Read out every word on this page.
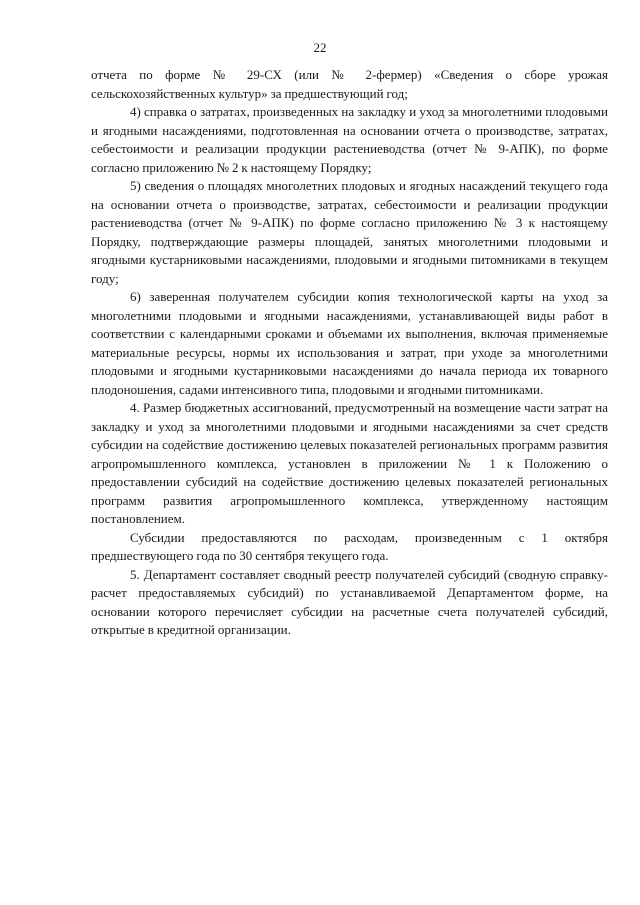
22

отчета по форме № 29-СХ (или № 2-фермер) «Сведения о сборе урожая сельскохозяйственных культур» за предшествующий год;

4) справка о затратах, произведенных на закладку и уход за многолетними плодовыми и ягодными насаждениями, подготовленная на основании отчета о производстве, затратах, себестоимости и реализации продукции растениеводства (отчет № 9-АПК), по форме согласно приложению № 2 к настоящему Порядку;

5) сведения о площадях многолетних плодовых и ягодных насаждений текущего года на основании отчета о производстве, затратах, себестоимости и реализации продукции растениеводства (отчет № 9-АПК) по форме согласно приложению № 3 к настоящему Порядку, подтверждающие размеры площадей, занятых многолетними плодовыми и ягодными кустарниковыми насаждениями, плодовыми и ягодными питомниками в текущем году;

6) заверенная получателем субсидии копия технологической карты на уход за многолетними плодовыми и ягодными насаждениями, устанавливающей виды работ в соответствии с календарными сроками и объемами их выполнения, включая применяемые материальные ресурсы, нормы их использования и затрат, при уходе за многолетними плодовыми и ягодными кустарниковыми насаждениями до начала периода их товарного плодоношения, садами интенсивного типа, плодовыми и ягодными питомниками.

4. Размер бюджетных ассигнований, предусмотренный на возмещение части затрат на закладку и уход за многолетними плодовыми и ягодными насаждениями за счет средств субсидии на содействие достижению целевых показателей региональных программ развития агропромышленного комплекса, установлен в приложении № 1 к Положению о предоставлении субсидий на содействие достижению целевых показателей региональных программ развития агропромышленного комплекса, утвержденному настоящим постановлением.

Субсидии предоставляются по расходам, произведенным с 1 октября предшествующего года по 30 сентября текущего года.

5. Департамент составляет сводный реестр получателей субсидий (сводную справку-расчет предоставляемых субсидий) по устанавливаемой Департаментом форме, на основании которого перечисляет субсидии на расчетные счета получателей субсидий, открытые в кредитной организации.
